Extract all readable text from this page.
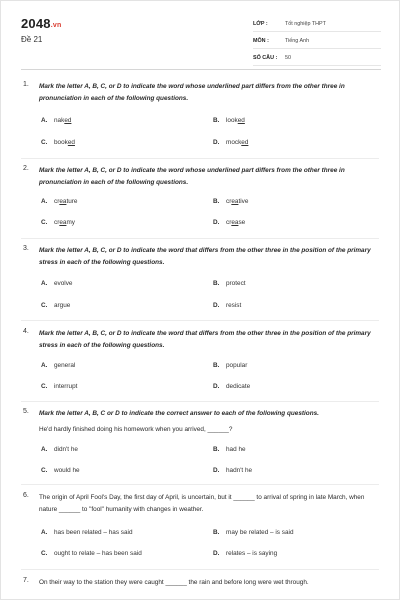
2048.vn
Đề 21
LỚP :	Tốt nghiệp THPT
MÔN :	Tiếng Anh
SỐ CÂU :	50
1. Mark the letter A, B, C, or D to indicate the word whose underlined part differs from the other three in pronunciation in each of the following questions.
A. naked	B. looked
C. booked	D. mocked
2. Mark the letter A, B, C, or D to indicate the word whose underlined part differs from the other three in pronunciation in each of the following questions.
A. creature	B. creative
C. creamy	D. crease
3. Mark the letter A, B, C, or D to indicate the word that differs from the other three in the position of the primary stress in each of the following questions.
A. evolve	B. protect
C. argue	D. resist
4. Mark the letter A, B, C, or D to indicate the word that differs from the other three in the position of the primary stress in each of the following questions.
A. general	B. popular
C. interrupt	D. dedicate
5. Mark the letter A, B, C or D to indicate the correct answer to each of the following questions.
He'd hardly finished doing his homework when you arrived, ______?
A. didn't he	B. had he
C. would he	D. hadn't he
6. The origin of April Fool's Day, the first day of April, is uncertain, but it ______ to arrival of spring in late March, when nature ______ to "fool" humanity with changes in weather.
A. has been related – has said	B. may be related – is said
C. ought to relate – has been said	D. relates – is saying
7. On their way to the station they were caught ______ the rain and before long were wet through.
